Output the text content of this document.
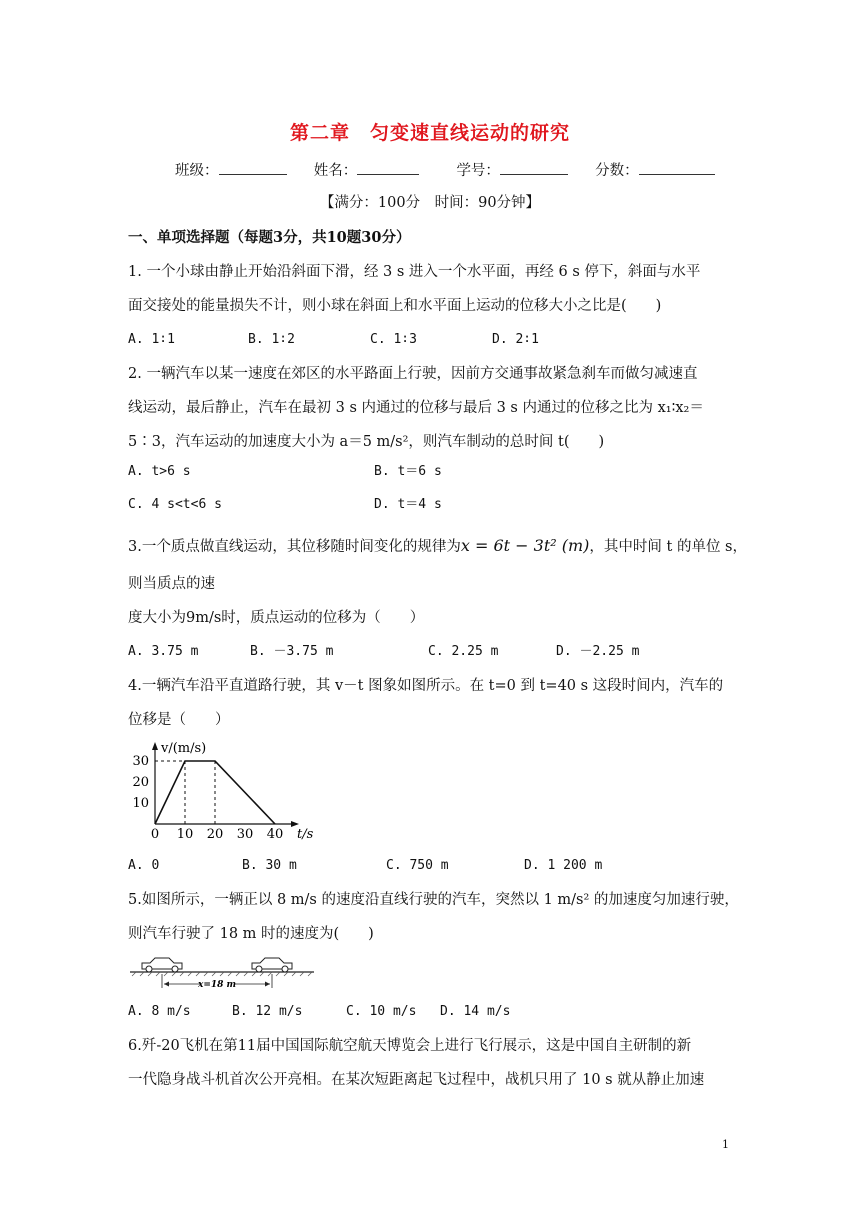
第二章　匀变速直线运动的研究
班级：	姓名：	学号：	分数：
【满分：100分　时间：90分钟】
一、单项选择题（每题3分，共10题30分）
1. 一个小球由静止开始沿斜面下滑，经 3 s 进入一个水平面，再经 6 s 停下，斜面与水平
面交接处的能量损失不计，则小球在斜面上和水平面上运动的位移大小之比是(　　)
A. 1∶1	B. 1∶2	C. 1∶3	D. 2∶1
2. 一辆汽车以某一速度在郊区的水平路面上行驶，因前方交通事故紧急刹车而做匀减速直
线运动，最后静止，汽车在最初 3 s 内通过的位移与最后 3 s 内通过的位移之比为 x₁∶x₂＝
5∶3，汽车运动的加速度大小为 a＝5 m/s²，则汽车制动的总时间 t(　　)
A. t>6 s	B. t＝6 s
C. 4 s<t<6 s	D. t＝4 s
3.一个质点做直线运动，其位移随时间变化的规律为x = 6t − 3t² (m)，其中时间 t 的单位 s，
则当质点的速
度大小为9m/s时，质点运动的位移为（　　）
A. 3.75 m	B. －3.75 m	C. 2.25 m	D. －2.25 m
4.一辆汽车沿平直道路行驶，其 v－t 图象如图所示。在 t=0 到 t=40 s 这段时间内，汽车的
位移是（　　）
v/(m/s)
t/s
0 10 20 30 40
10
20
30
A. 0	B. 30 m	C. 750 m	D. 1 200 m
5.如图所示，一辆正以 8 m/s 的速度沿直线行驶的汽车，突然以 1 m/s² 的加速度匀加速行驶，
则汽车行驶了 18 m 时的速度为(　　)
x=18 m
A. 8 m/s	B. 12 m/s	C. 10 m/s D. 14 m/s
6.歼-20飞机在第11届中国国际航空航天博览会上进行飞行展示，这是中国自主研制的新
一代隐身战斗机首次公开亮相。在某次短距离起飞过程中，战机只用了 10 s 就从静止加速
1
